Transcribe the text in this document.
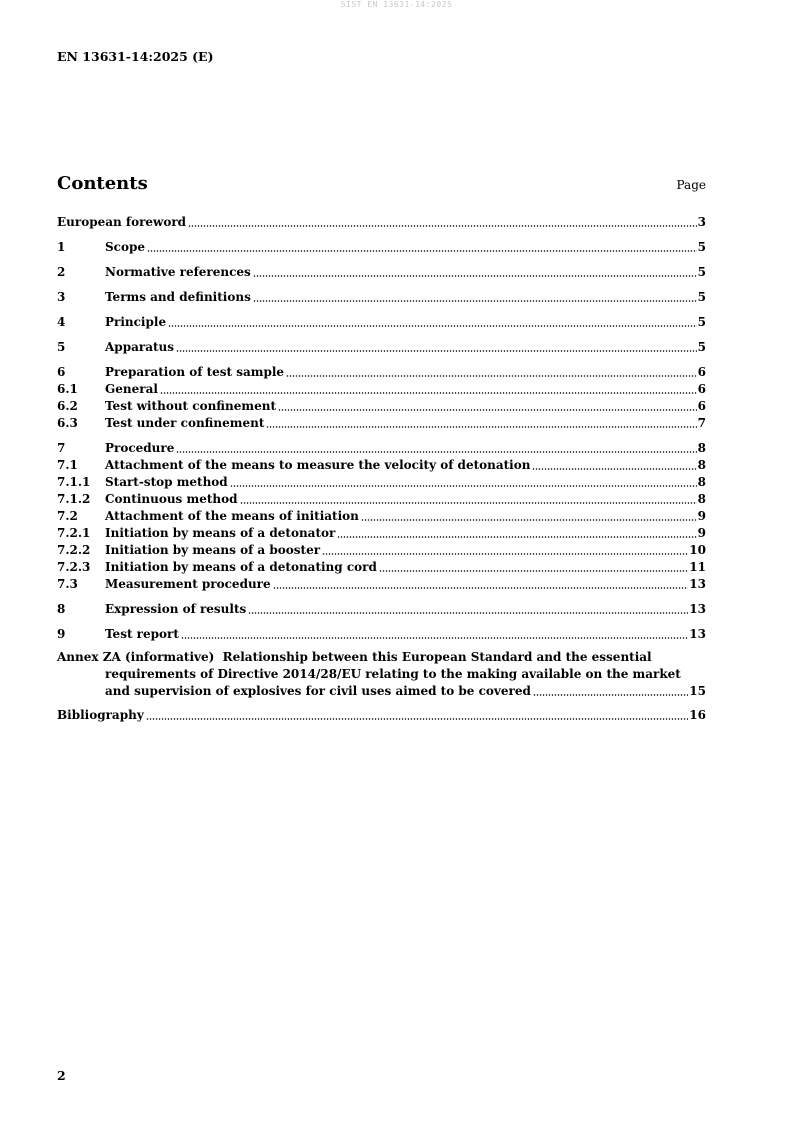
SIST EN 13631-14:2025
EN 13631-14:2025 (E)
Contents	Page
European foreword	3
1	Scope	5
2	Normative references	5
3	Terms and definitions	5
4	Principle	5
5	Apparatus	5
6	Preparation of test sample	6
6.1	General	6
6.2	Test without confinement	6
6.3	Test under confinement	7
7	Procedure	8
7.1	Attachment of the means to measure the velocity of detonation	8
7.1.1	Start-stop method	8
7.1.2	Continuous method	8
7.2	Attachment of the means of initiation	9
7.2.1	Initiation by means of a detonator	9
7.2.2	Initiation by means of a booster	10
7.2.3	Initiation by means of a detonating cord	11
7.3	Measurement procedure	13
8	Expression of results	13
9	Test report	13
Annex ZA (informative)  Relationship between this European Standard and the essential
requirements of Directive 2014/28/EU relating to the making available on the market
and supervision of explosives for civil uses aimed to be covered	15
Bibliography	16
2
